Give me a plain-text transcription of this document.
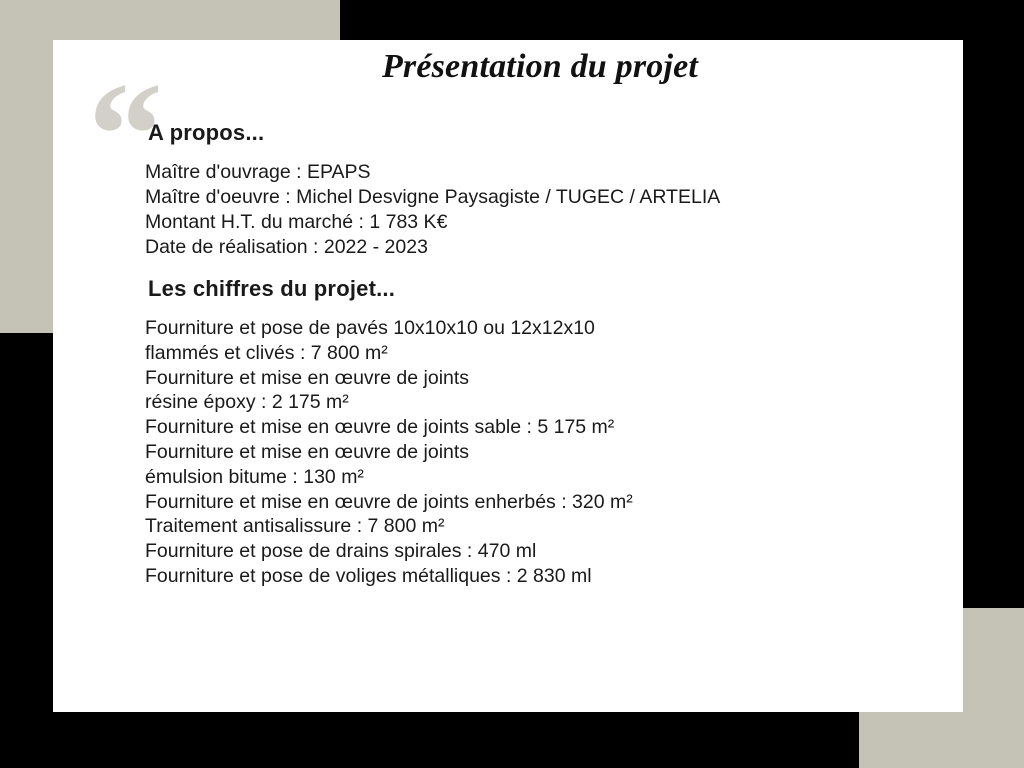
“	Présentation du projet
A propos...
Maître d'ouvrage : EPAPS
Maître d'oeuvre : Michel Desvigne Paysagiste / TUGEC / ARTELIA
Montant H.T. du marché : 1 783 K€
Date de réalisation : 2022 - 2023
Les chiffres du projet...
Fourniture et pose de pavés 10x10x10 ou 12x12x10
flammés et clivés : 7 800 m²
Fourniture et mise en œuvre de joints
résine époxy : 2 175 m²
Fourniture et mise en œuvre de joints sable : 5 175 m²
Fourniture et mise en œuvre de joints
émulsion bitume : 130 m²
Fourniture et mise en œuvre de joints enherbés : 320 m²
Traitement antisalissure : 7 800 m²
Fourniture et pose de drains spirales : 470 ml
Fourniture et pose de voliges métalliques : 2 830 ml
